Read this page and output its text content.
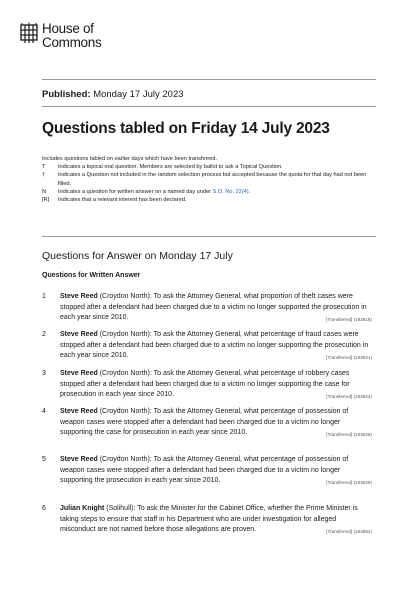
House of
Commons
Published: Monday 17 July 2023
Questions tabled on Friday 14 July 2023
Includes questions tabled on earlier days which have been transferred.
T	Indicates a topical oral question. Members are selected by ballot to ask a Topical Question.
†	Indicates a Question not included in the random selection process but accepted because the quota for that day had not been filled.
N	Indicates a question for written answer on a named day under S.O. No. 22(4).
[R]	Indicates that a relevant interest has been declared.
Questions for Answer on Monday 17 July
Questions for Written Answer
1	Steve Reed (Croydon North): To ask the Attorney General, what proportion of theft cases were stopped after a defendant had been charged due to a victim no longer supported the prosecution in each year since 2010.	[Transferred] (193618)
2	Steve Reed (Croydon North): To ask the Attorney General, what percentage of fraud cases were stopped after a defendant had been charged due to a victim no longer supporting the prosecution in each year since 2010.	[Transferred] (193621)
3	Steve Reed (Croydon North): To ask the Attorney General, what percentage of robbery cases stopped after a defendant had been charged due to a victim no longer supporting the case for prosecution in each year since 2010.	[Transferred] (193624)
4	Steve Reed (Croydon North): To ask the Attorney General, what percentage of possession of weapon cases were stopped after a defendant had been charged due to a victim no longer supporting the case for prosecution in each year since 2010.	[Transferred] (193626)
5	Steve Reed (Croydon North): To ask the Attorney General, what percentage of possession of weapon cases were stopped after a defendant had been charged due to a victim no longer supporting the prosecution in each year since 2010.	[Transferred] (193629)
6	Julian Knight (Solihull): To ask the Minister for the Cabinet Office, whether the Prime Minister is taking steps to ensure that staff in his Department who are under investigation for alleged misconduct are not named before those allegations are proven.	[Transferred] (193892)
